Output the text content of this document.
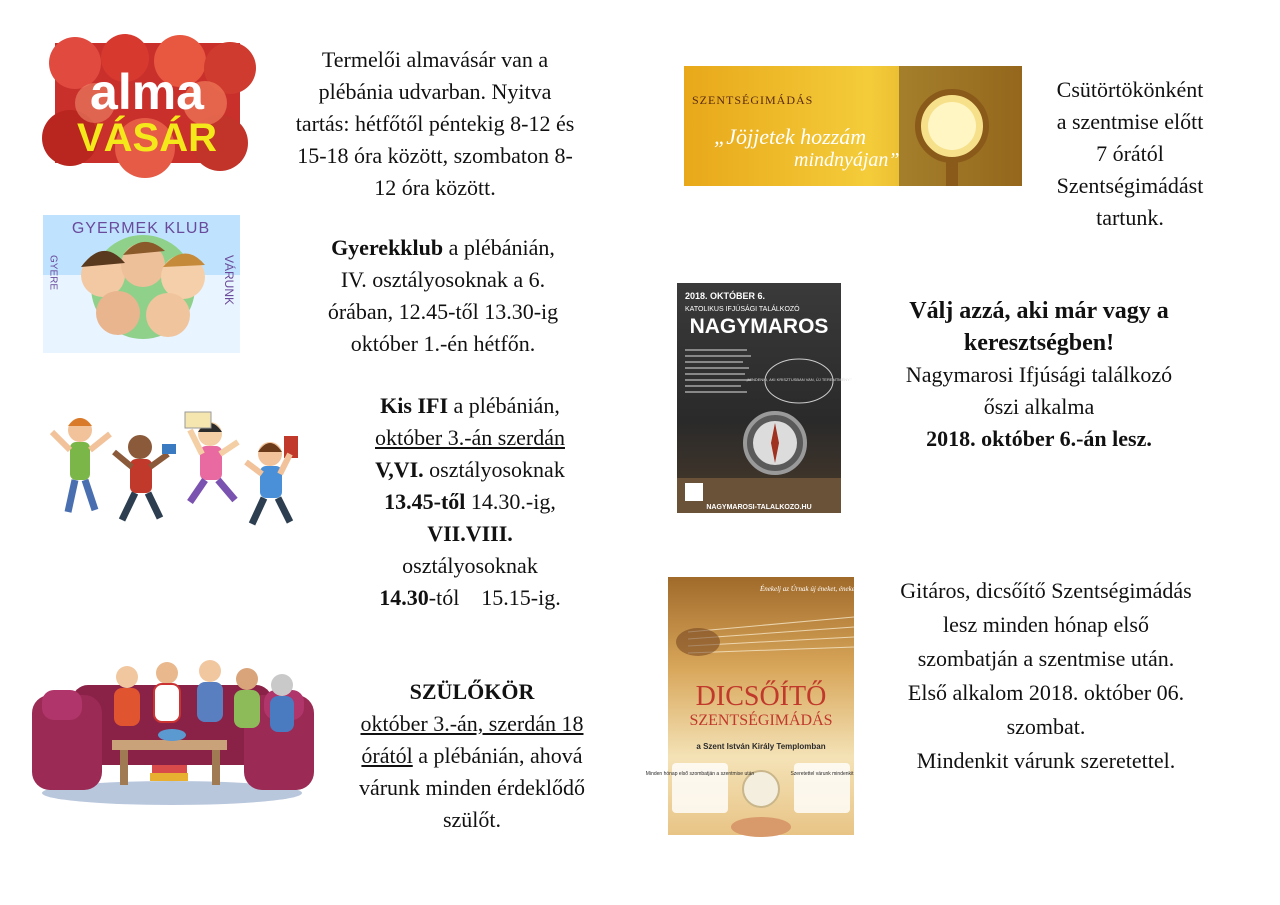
alma
VÁSÁR
Termelői almavásár van a
plébánia udvarban. Nyitva
tartás: hétfőtől péntekig 8-12 és
15-18 óra között, szombaton 8-
12 óra között.
GYERMEK KLUB
GYERE	VÁRUNK
Gyerekklub a plébánián,
IV. osztályosoknak a 6.
órában, 12.45-től 13.30-ig
október 1.-én hétfőn.
Kis IFI a plébánián,
október 3.-án szerdán
V,VI. osztályosoknak
13.45-től 14.30.-ig,
VII.VIII.
osztályosoknak
14.30-tól    15.15-ig.
SZÜLŐKÖR
október 3.-án, szerdán 18
órától a plébánián, ahová
várunk minden érdeklődő
szülőt.
SZENTSÉGIMÁDÁS
„Jöjjetek hozzám
mindnyájan”
Csütörtökönként
a szentmise előtt
7 órától
Szentségimádást
tartunk.
2018. OKTÓBER 6.
KATOLIKUS IFJÚSÁGI TALÁLKOZÓ
NAGYMAROS
„MINDENKI, AKI KRISZTUSBAN VAN, ÚJ TEREMTMÉNY.”
NAGYMAROSI-TALALKOZO.HU
Válj azzá, aki már vagy a
keresztségben!
Nagymarosi Ifjúsági találkozó
őszi alkalma
2018. október 6.-án lesz.
Énekelj az Úrnak új éneket, énekelj az Úrnak, egész föld!
DICSŐÍTŐ
SZENTSÉGIMÁDÁS
a Szent István Király Templomban
Minden hónap első szombatján a szentmise után	Szeretettel várunk mindenkit
Gitáros, dicsőítő Szentségimádás
lesz minden hónap első
szombatján a szentmise után.
Első alkalom 2018. október 06.
szombat.
Mindenkit várunk szeretettel.
